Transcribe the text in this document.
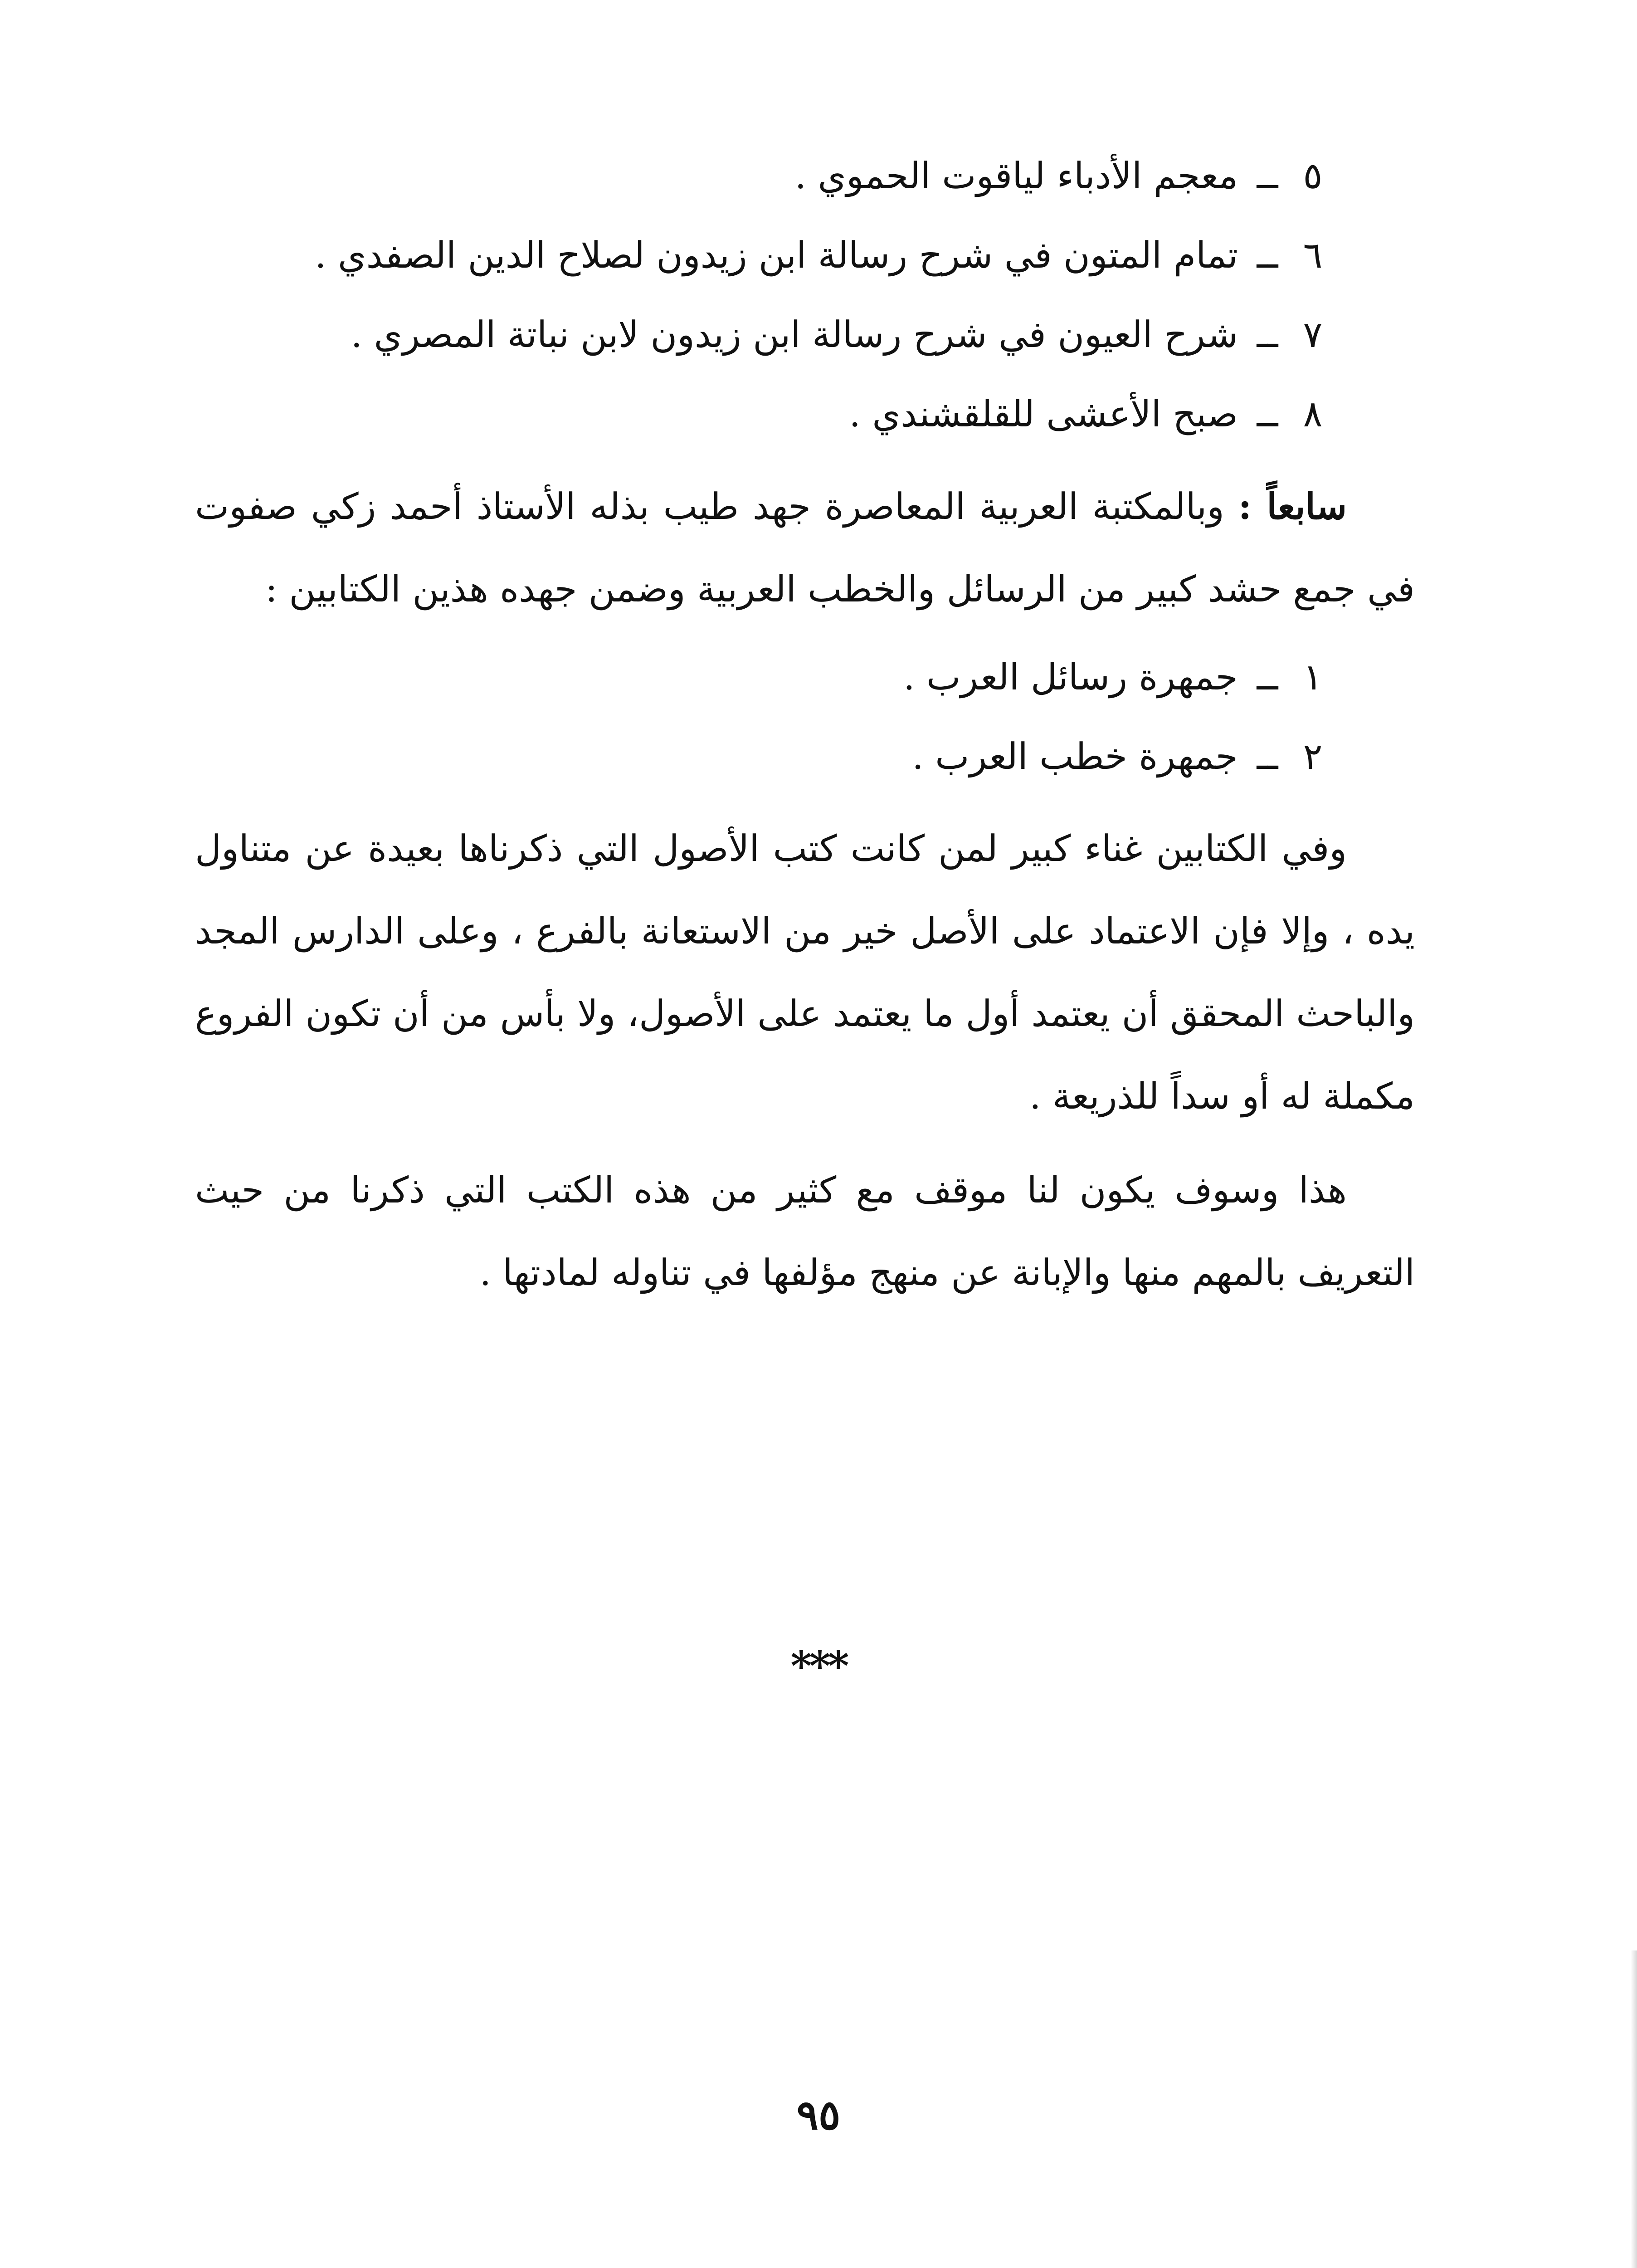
٥
ــ
معجم الأدباء لياقوت الحموي .
٦
ــ
تمام المتون في شرح رسالة ابن زيدون لصلاح الدين الصفدي .
٧
ــ
شرح العيون في شرح رسالة ابن زيدون لابن نباتة المصري .
٨
ــ
صبح الأعشى للقلقشندي .

سابعاً : وبالمكتبة العربية المعاصرة جهد طيب بذله الأستاذ أحمد زكي صفوت في جمع حشد كبير من الرسائل والخطب العربية وضمن جهده هذين الكتابين :

١
ــ
جمهرة رسائل العرب .
٢
ــ
جمهرة خطب العرب .

وفي الكتابين غناء كبير لمن كانت كتب الأصول التي ذكرناها بعيدة عن متناول يده ، وإلا فإن الاعتماد على الأصل خير من الاستعانة بالفرع ، وعلى الدارس المجد والباحث المحقق أن يعتمد أول ما يعتمد على الأصول، ولا بأس من أن تكون الفروع مكملة له أو سداً للذريعة .

هذا وسوف يكون لنا موقف مع كثير من هذه الكتب التي ذكرنا من حيث التعريف بالمهم منها والإبانة عن منهج مؤلفها في تناوله لمادتها .

***
٩٥
